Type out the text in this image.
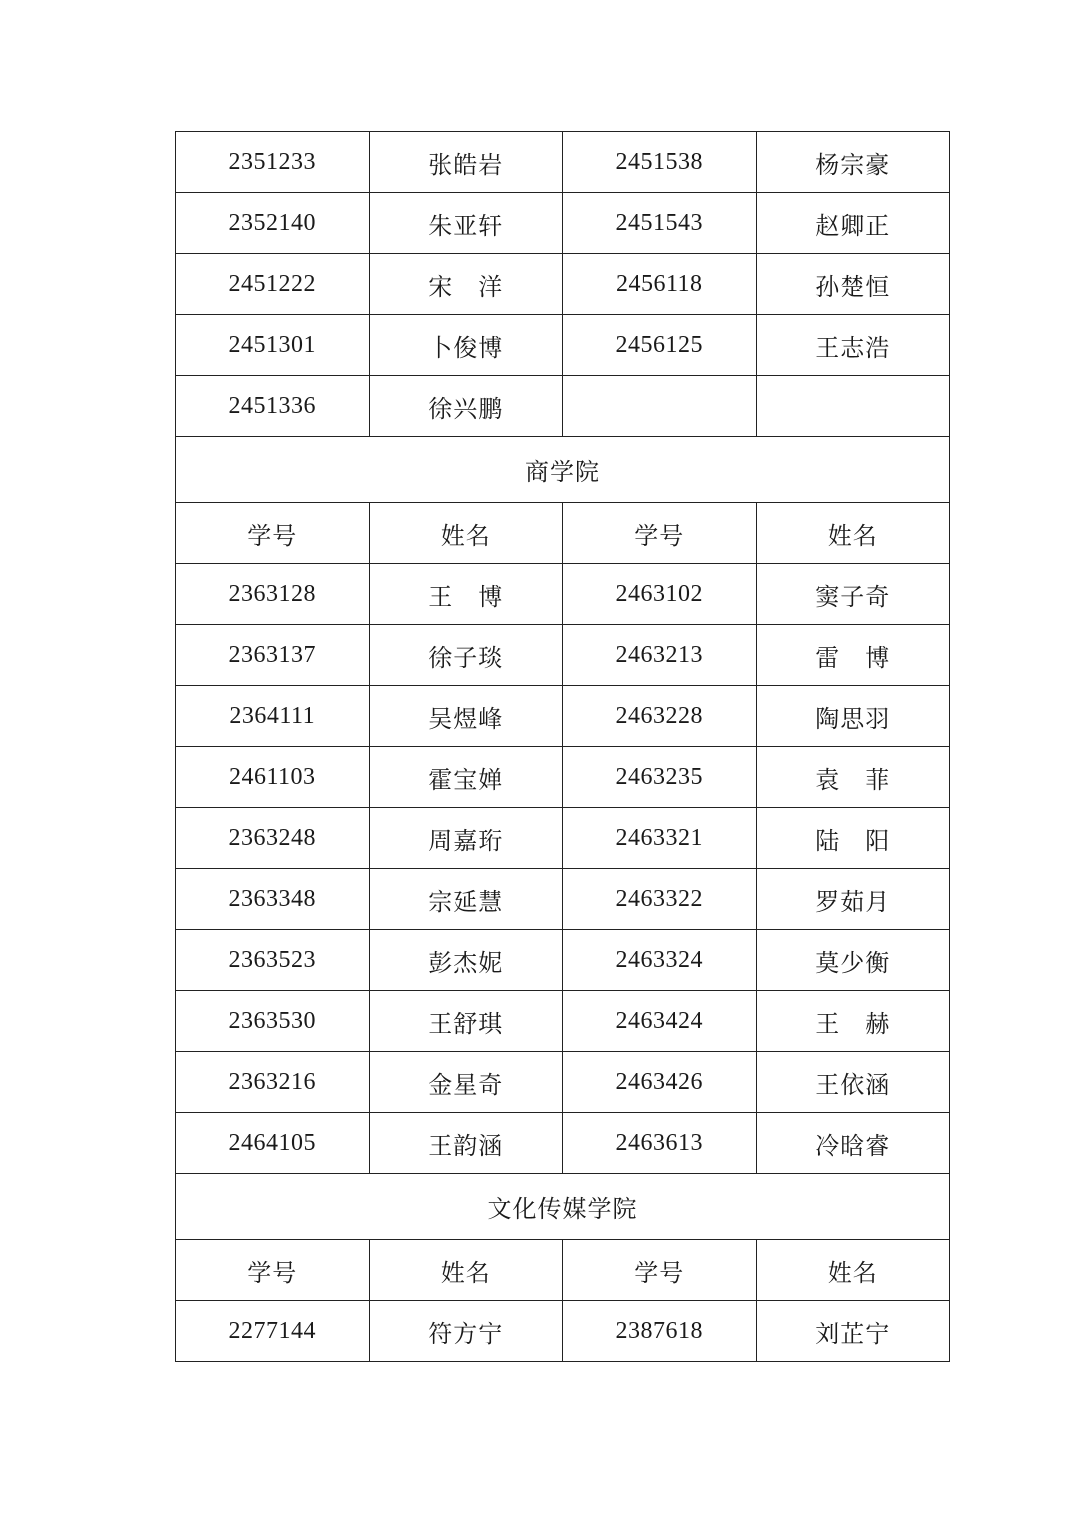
2351233	张皓岩	2451538	杨宗豪
2352140	朱亚轩	2451543	赵卿正
2451222	宋　洋	2456118	孙楚恒
2451301	卜俊博	2456125	王志浩
2451336	徐兴鹏		
商学院			
学号	姓名	学号	姓名
2363128	王　博	2463102	窦子奇
2363137	徐子琰	2463213	雷　博
2364111	吴煜峰	2463228	陶思羽
2461103	霍宝婵	2463235	袁　菲
2363248	周嘉珩	2463321	陆　阳
2363348	宗延慧	2463322	罗茹月
2363523	彭杰妮	2463324	莫少衡
2363530	王舒琪	2463424	王　赫
2363216	金星奇	2463426	王依涵
2464105	王韵涵	2463613	冷晗睿
文化传媒学院			
学号	姓名	学号	姓名
2277144	符方宁	2387618	刘芷宁
